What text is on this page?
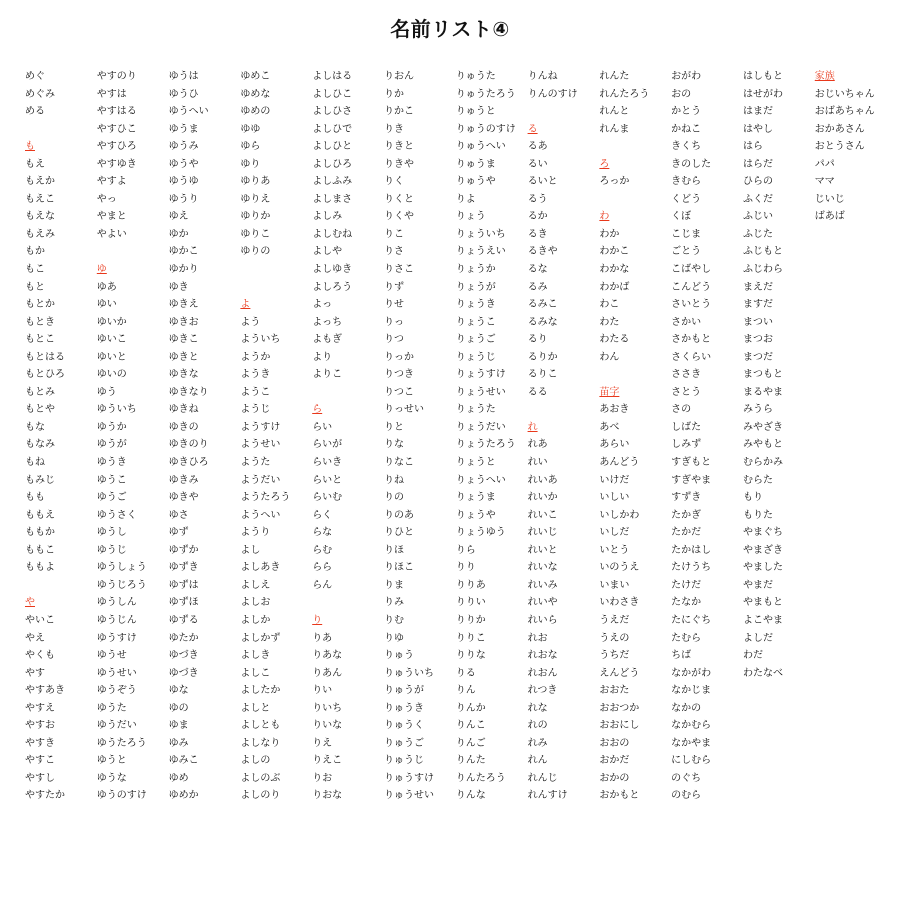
名前リスト④
めぐ
めぐみ
める
も
もえ
もえか
もえこ
もえな
もえみ
もか
もこ
もと
もとか
もとき
もとこ
もとはる
もとひろ
もとみ
もとや
もな
もなみ
もね
もみじ
もも
ももえ
ももか
ももこ
ももよ
や
やいこ
やえ
やくも
やす
やすあき
やすえ
やすお
やすき
やすこ
やすし
やすたか
やすのり
やすは
やすはる
やすひこ
やすひろ
やすゆき
やすよ
やっ
やまと
やよい
ゆ
ゆあ
ゆい
ゆいか
ゆいこ
ゆいと
ゆいの
ゆう
ゆういち
ゆうか
ゆうが
ゆうき
ゆうこ
ゆうご
ゆうさく
ゆうし
ゆうじ
ゆうしょう
ゆうじろう
ゆうしん
ゆうじん
ゆうすけ
ゆうせ
ゆうせい
ゆうぞう
ゆうた
ゆうだい
ゆうたろう
ゆうと
ゆうな
ゆうのすけ
ゆうは
ゆうひ
ゆうへい
ゆうま
ゆうみ
ゆうや
ゆうゆ
ゆうり
ゆえ
ゆか
ゆかこ
ゆかり
ゆき
ゆきえ
ゆきお
ゆきこ
ゆきと
ゆきな
ゆきなり
ゆきね
ゆきの
ゆきのり
ゆきひろ
ゆきみ
ゆきや
ゆさ
ゆず
ゆずか
ゆずき
ゆずは
ゆずほ
ゆずる
ゆたか
ゆづき
ゆづき
ゆな
ゆの
ゆま
ゆみ
ゆみこ
ゆめ
ゆめか
ゆめこ
ゆめな
ゆめの
ゆゆ
ゆら
ゆり
ゆりあ
ゆりえ
ゆりか
ゆりこ
ゆりの
よ
よう
よういち
ようか
ようき
ようこ
ようじ
ようすけ
ようせい
ようた
ようだい
ようたろう
ようへい
ようり
よし
よしあき
よしえ
よしお
よしか
よしかず
よしき
よしこ
よしたか
よしと
よしとも
よしなり
よしの
よしのぶ
よしのり
よしはる
よしひこ
よしひさ
よしひで
よしひと
よしひろ
よしふみ
よしまさ
よしみ
よしむね
よしや
よしゆき
よしろう
よっ
よっち
よもぎ
より
よりこ
ら
らい
らいが
らいき
らいと
らいむ
らく
らな
らむ
らら
らん
り
りあ
りあな
りあん
りい
りいち
りいな
りえ
りえこ
りお
りおな
りおん
りか
りかこ
りき
りきと
りきや
りく
りくと
りくや
りこ
りさ
りさこ
りず
りせ
りっ
りつ
りっか
りつき
りつこ
りっせい
りと
りな
りなこ
りね
りの
りのあ
りひと
りほ
りほこ
りま
りみ
りむ
りゆ
りゅう
りゅういち
りゅうが
りゅうき
りゅうく
りゅうご
りゅうじ
りゅうすけ
りゅうせい
りゅうた
りゅうたろう
りゅうと
りゅうのすけ
りゅうへい
りゅうま
りゅうや
りよ
りょう
りょういち
りょうえい
りょうか
りょうが
りょうき
りょうこ
りょうご
りょうじ
りょうすけ
りょうせい
りょうた
りょうだい
りょうたろう
りょうと
りょうへい
りょうま
りょうや
りょうゆう
りら
りり
りりあ
りりい
りりか
りりこ
りりな
りる
りん
りんか
りんこ
りんご
りんた
りんたろう
りんな
りんね
りんのすけ
る
るあ
るい
るいと
るう
るか
るき
るきや
るな
るみ
るみこ
るみな
るり
るりか
るりこ
るる
れ
れあ
れい
れいあ
れいか
れいこ
れいじ
れいと
れいな
れいみ
れいや
れいら
れお
れおな
れおん
れつき
れな
れの
れみ
れん
れんじ
れんすけ
れんた
れんたろう
れんと
れんま
ろ
ろっか
わ
わか
わかこ
わかな
わかば
わこ
わた
わたる
わん
苗字
あおき
あべ
あらい
あんどう
いけだ
いしい
いしかわ
いしだ
いとう
いのうえ
いまい
いわさき
うえだ
うえの
うちだ
えんどう
おおた
おおつか
おおにし
おおの
おかだ
おかの
おかもと
おがわ
おの
かとう
かねこ
きくち
きのした
きむら
くどう
くぼ
こじま
ごとう
こばやし
こんどう
さいとう
さかい
さかもと
さくらい
ささき
さとう
さの
しばた
しみず
すぎもと
すぎやま
すずき
たかぎ
たかだ
たかはし
たけうち
たけだ
たなか
たにぐち
たむら
ちば
なかがわ
なかじま
なかの
なかむら
なかやま
にしむら
のぐち
のむら
はしもと
はせがわ
はまだ
はやし
はら
はらだ
ひらの
ふくだ
ふじい
ふじた
ふじもと
ふじわら
まえだ
ますだ
まつい
まつお
まつだ
まつもと
まるやま
みうら
みやざき
みやもと
むらかみ
むらた
もり
もりた
やまぐち
やまざき
やました
やまだ
やまもと
よこやま
よしだ
わだ
わたなべ
家族
おじいちゃん
おばあちゃん
おかあさん
おとうさん
パパ
ママ
じいじ
ばあば
